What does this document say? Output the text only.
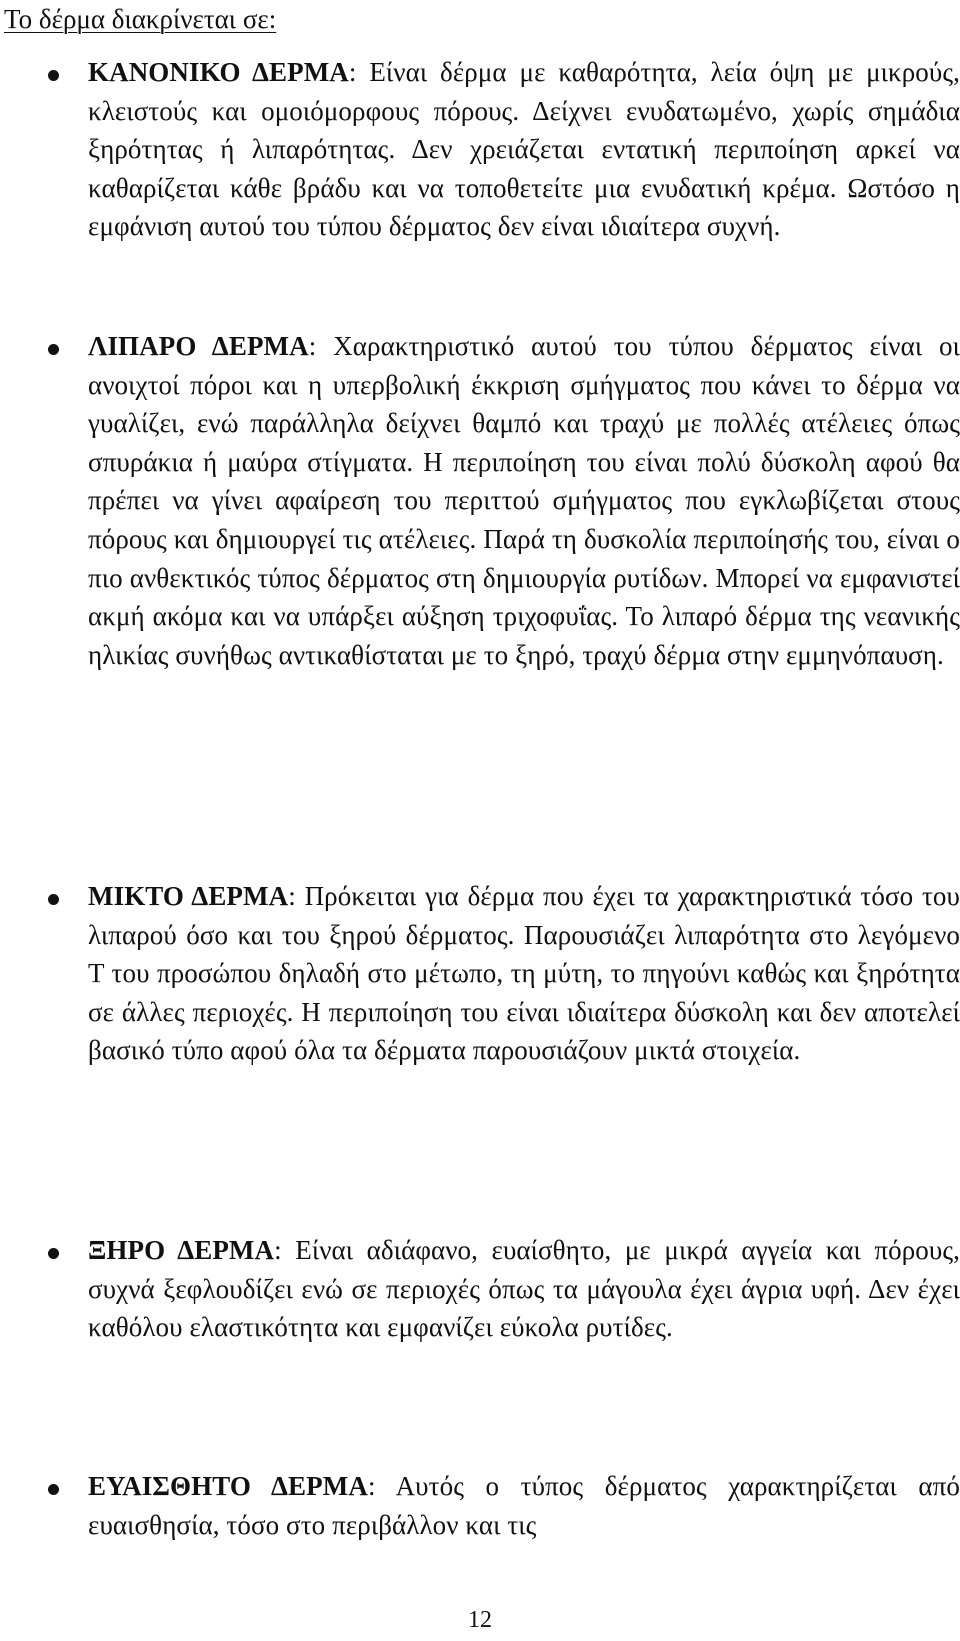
Το δέρμα διακρίνεται σε:

ΚΑΝΟΝΙΚΟ ΔΕΡΜΑ: Είναι δέρμα με καθαρότητα, λεία όψη με μικρούς, κλειστούς και ομοιόμορφους πόρους. Δείχνει ενυδατωμένο, χωρίς σημάδια ξηρότητας ή λιπαρότητας. Δεν χρειάζεται εντατική περιποίηση αρκεί να καθαρίζεται κάθε βράδυ και να τοποθετείτε μια ενυδατική κρέμα. Ωστόσο η εμφάνιση αυτού του τύπου δέρματος δεν είναι ιδιαίτερα συχνή.

ΛΙΠΑΡΟ ΔΕΡΜΑ: Χαρακτηριστικό αυτού του τύπου δέρματος είναι οι ανοιχτοί πόροι και η υπερβολική έκκριση σμήγματος που κάνει το δέρμα να γυαλίζει, ενώ παράλληλα δείχνει θαμπό και τραχύ με πολλές ατέλειες όπως σπυράκια ή μαύρα στίγματα. Η περιποίηση του είναι πολύ δύσκολη αφού θα πρέπει να γίνει αφαίρεση του περιττού σμήγματος που εγκλωβίζεται στους πόρους και δημιουργεί τις ατέλειες. Παρά τη δυσκολία περιποίησής του, είναι ο πιο ανθεκτικός τύπος δέρματος στη δημιουργία ρυτίδων. Μπορεί να εμφανιστεί ακμή ακόμα και να υπάρξει αύξηση τριχοφυΐας. Το λιπαρό δέρμα της νεανικής ηλικίας συνήθως αντικαθίσταται με το ξηρό, τραχύ δέρμα στην εμμηνόπαυση.

ΜΙΚΤΟ ΔΕΡΜΑ: Πρόκειται για δέρμα που έχει τα χαρακτηριστικά τόσο του λιπαρού όσο και του ξηρού δέρματος. Παρουσιάζει λιπαρότητα στο λεγόμενο Τ του προσώπου δηλαδή στο μέτωπο, τη μύτη, το πηγούνι καθώς και ξηρότητα σε άλλες περιοχές. Η περιποίηση του είναι ιδιαίτερα δύσκολη και δεν αποτελεί βασικό τύπο αφού όλα τα δέρματα παρουσιάζουν μικτά στοιχεία.

ΞΗΡΟ ΔΕΡΜΑ: Είναι αδιάφανο, ευαίσθητο, με μικρά αγγεία και πόρους, συχνά ξεφλουδίζει ενώ σε περιοχές όπως τα μάγουλα έχει άγρια υφή. Δεν έχει καθόλου ελαστικότητα και εμφανίζει εύκολα ρυτίδες.

ΕΥΑΙΣΘΗΤΟ ΔΕΡΜΑ: Αυτός ο τύπος δέρματος χαρακτηρίζεται από ευαισθησία, τόσο στο περιβάλλον και τις

12
